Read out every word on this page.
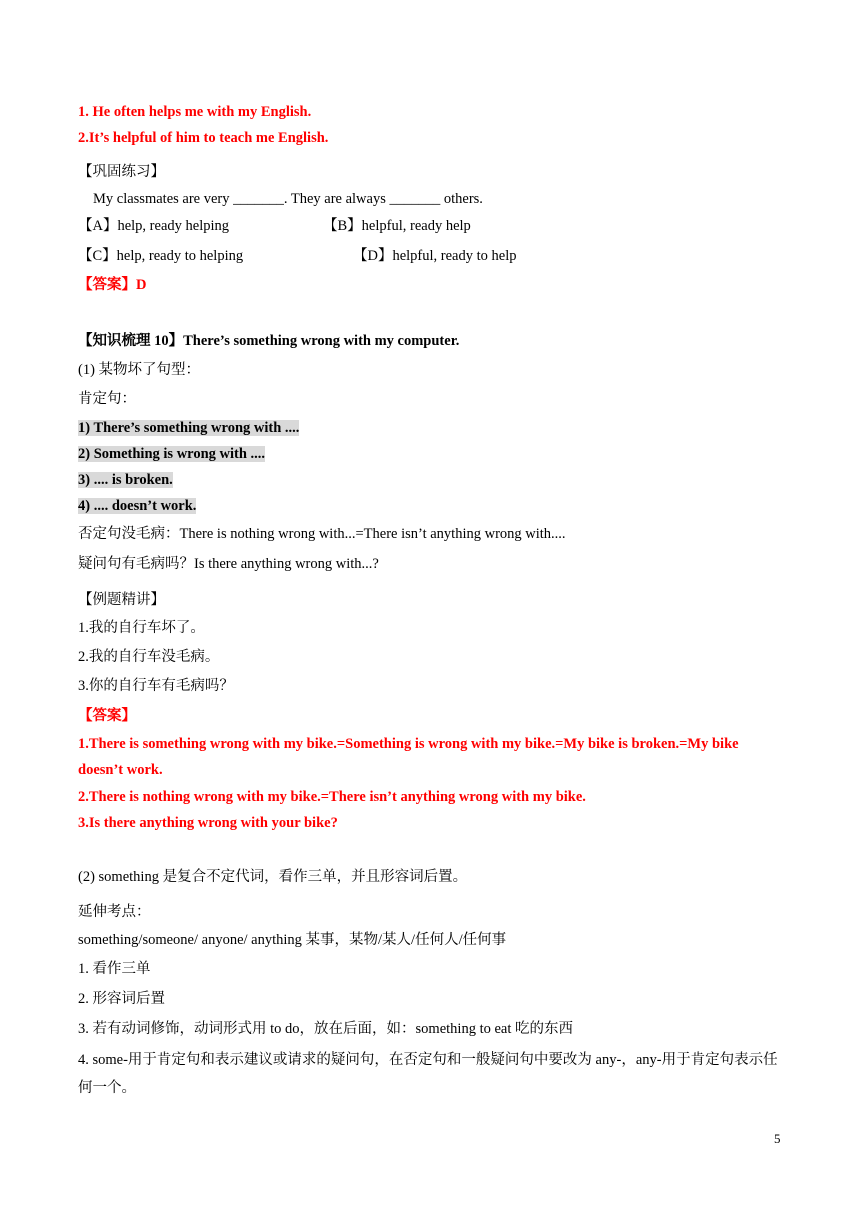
1. He often helps me with my English.
2.It’s helpful of him to teach me English.
【巩固练习】
My classmates are very _______. They are always _______ others.
【A】help, ready helping	【B】helpful, ready help
【C】help, ready to helping	【D】helpful, ready to help
【答案】D
【知识梳理 10】There’s something wrong with my computer.
(1) 某物坏了句型：
肯定句：
1) There’s something wrong with ....
2) Something is wrong with ....
3) .... is broken.
4) .... doesn’t work.
否定句没毛病：There is nothing wrong with...=There isn’t anything wrong with....
疑问句有毛病吗？Is there anything wrong with...?
【例题精讲】
1.我的自行车坏了。
2.我的自行车没毛病。
3.你的自行车有毛病吗？
【答案】
1.There is something wrong with my bike.=Something is wrong with my bike.=My bike is broken.=My bike doesn’t work.
2.There is nothing wrong with my bike.=There isn’t anything wrong with my bike.
3.Is there anything wrong with your bike?
(2) something 是复合不定代词，看作三单，并且形容词后置。
延伸考点：
something/someone/ anyone/ anything 某事，某物/某人/任何人/任何事
1. 看作三单
2. 形容词后置
3. 若有动词修饰，动词形式用 to do，放在后面，如：something to eat 吃的东西
4. some-用于肯定句和表示建议或请求的疑问句，在否定句和一般疑问句中要改为 any-，any-用于肯定句表示任何一个。
5
